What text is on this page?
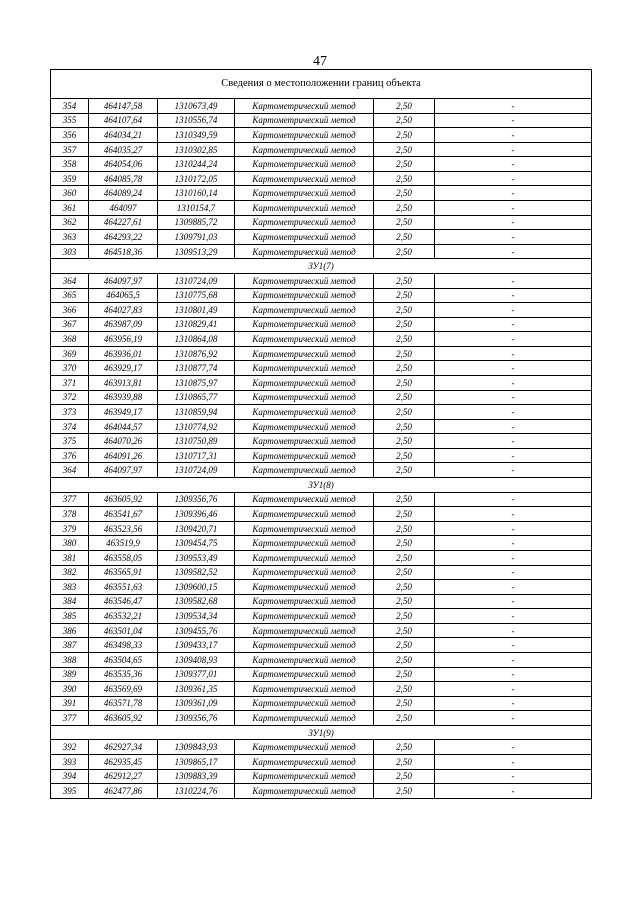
47
Сведения о местоположении границ объекта					
354	464147,58	1310673,49	Картометрический метод	2,50	-
355	464107,64	1310556,74	Картометрический метод	2,50	-
356	464034,21	1310349,59	Картометрический метод	2,50	-
357	464035,27	1310302,85	Картометрический метод	2,50	-
358	464054,06	1310244,24	Картометрический метод	2,50	-
359	464085,78	1310172,05	Картометрический метод	2,50	-
360	464089,24	1310160,14	Картометрический метод	2,50	-
361	464097	1310154,7	Картометрический метод	2,50	-
362	464227,61	1309885,72	Картометрический метод	2,50	-
363	464293,22	1309791,03	Картометрический метод	2,50	-
303	464518,36	1309513,29	Картометрический метод	2,50	-
ЗУ1(7)					
364	464097,97	1310724,09	Картометрический метод	2,50	-
365	464065,5	1310775,68	Картометрический метод	2,50	-
366	464027,83	1310801,49	Картометрический метод	2,50	-
367	463987,09	1310829,41	Картометрический метод	2,50	-
368	463956,19	1310864,08	Картометрический метод	2,50	-
369	463936,01	1310876,92	Картометрический метод	2,50	-
370	463929,17	1310877,74	Картометрический метод	2,50	-
371	463913,81	1310875,97	Картометрический метод	2,50	-
372	463939,88	1310865,77	Картометрический метод	2,50	-
373	463949,17	1310859,94	Картометрический метод	2,50	-
374	464044,57	1310774,92	Картометрический метод	2,50	-
375	464070,26	1310750,89	Картометрический метод	2,50	-
376	464091,26	1310717,31	Картометрический метод	2,50	-
364	464097,97	1310724,09	Картометрический метод	2,50	-
ЗУ1(8)					
377	463605,92	1309356,76	Картометрический метод	2,50	-
378	463541,67	1309396,46	Картометрический метод	2,50	-
379	463523,56	1309420,71	Картометрический метод	2,50	-
380	463519,9	1309454,75	Картометрический метод	2,50	-
381	463558,05	1309553,49	Картометрический метод	2,50	-
382	463565,91	1309582,52	Картометрический метод	2,50	-
383	463551,63	1309600,15	Картометрический метод	2,50	-
384	463546,47	1309582,68	Картометрический метод	2,50	-
385	463532,21	1309534,34	Картометрический метод	2,50	-
386	463501,04	1309455,76	Картометрический метод	2,50	-
387	463498,33	1309433,17	Картометрический метод	2,50	-
388	463504,65	1309408,93	Картометрический метод	2,50	-
389	463535,36	1309377,01	Картометрический метод	2,50	-
390	463569,69	1309361,35	Картометрический метод	2,50	-
391	463571,78	1309361,09	Картометрический метод	2,50	-
377	463605,92	1309356,76	Картометрический метод	2,50	-
ЗУ1(9)					
392	462927,34	1309843,93	Картометрический метод	2,50	-
393	462935,45	1309865,17	Картометрический метод	2,50	-
394	462912,27	1309883,39	Картометрический метод	2,50	-
395	462477,86	1310224,76	Картометрический метод	2,50	-
